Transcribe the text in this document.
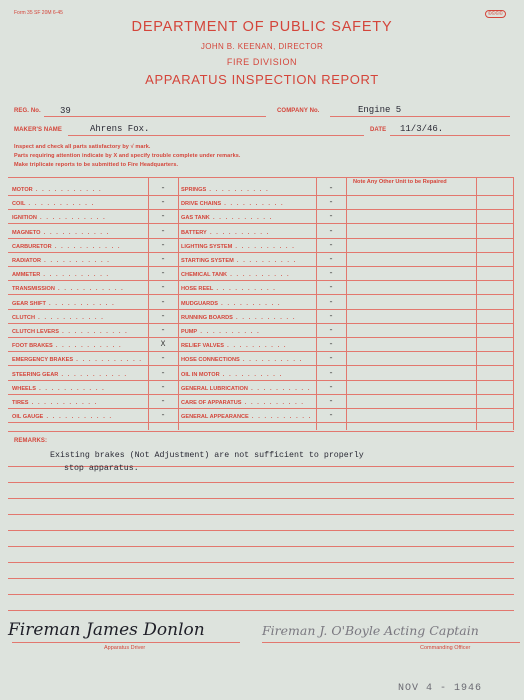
Form 35 SF 20M 6-45	©©©©
DEPARTMENT OF PUBLIC SAFETY
JOHN B. KEENAN, DIRECTOR
FIRE DIVISION
APPARATUS INSPECTION REPORT
REG. No. 39	COMPANY No.	Engine 5
MAKER'S NAME	Ahrens Fox.	DATE 11/3/46.
Inspect and check all parts satisfactory by √ mark.
Parts requiring attention indicate by X and specify trouble complete under remarks.
Make triplicate reports to be submitted to Fire Headquarters.
Note Any Other Unit to be Repaired
MOTOR . . . . . . . . . . .	-	SPRINGS . . . . . . . . . .	-
COIL . . . . . . . . . . .	-	DRIVE CHAINS . . . . . . . . . .	-
IGNITION . . . . . . . . . . .	-	GAS TANK . . . . . . . . . .	-
MAGNETO . . . . . . . . . . .	-	BATTERY . . . . . . . . . .	-
CARBURETOR . . . . . . . . . . .	-	LIGHTING SYSTEM . . . . . . . . . .	-
RADIATOR . . . . . . . . . . .	-	STARTING SYSTEM . . . . . . . . . .	-
AMMETER . . . . . . . . . . .	-	CHEMICAL TANK . . . . . . . . . .	-
TRANSMISSION . . . . . . . . . . .	-	HOSE REEL . . . . . . . . . .	-
GEAR SHIFT . . . . . . . . . . .	-	MUDGUARDS . . . . . . . . . .	-
CLUTCH . . . . . . . . . . .	-	RUNNING BOARDS . . . . . . . . . .	-
CLUTCH LEVERS . . . . . . . . . . .	-	PUMP . . . . . . . . . .	-
FOOT BRAKES . . . . . . . . . . .	X	RELIEF VALVES . . . . . . . . . .	-
EMERGENCY BRAKES . . . . . . . . . . .	-	HOSE CONNECTIONS . . . . . . . . . .	-
STEERING GEAR . . . . . . . . . . .	-	OIL IN MOTOR . . . . . . . . . .	-
WHEELS . . . . . . . . . . .	-	GENERAL LUBRICATION . . . . . . . . . .	-
TIRES . . . . . . . . . . .	-	CARE OF APPARATUS . . . . . . . . . .	-
OIL GAUGE . . . . . . . . . . .	-	GENERAL APPEARANCE . . . . . . . . . .	-
REMARKS:
Existing brakes (Not Adjustment) are not sufficient to properly
stop apparatus.
Fireman James Donlon
Apparatus Driver
Fireman J. O'Boyle Acting Captain
Commanding Officer
NOV 4 - 1946
